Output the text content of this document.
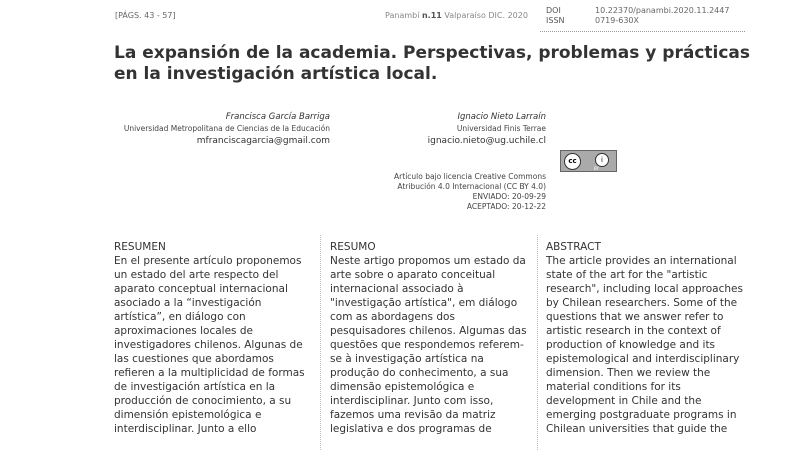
[PÁGS. 43 - 57]	Panambí n.11 Valparaíso DIC. 2020
DOI	10.22370/panambi.2020.11.2447
ISSN	0719-630X
La expansión de la academia. Perspectivas, problemas y prácticas en la investigación artística local.
Francisca García Barriga
Universidad Metropolitana de Ciencias de la Educación
mfranciscagarcia@gmail.com
Ignacio Nieto Larraín
Universidad Finis Terrae
ignacio.nieto@ug.uchile.cl
cc	i
BY
Artículo bajo licencia Creative Commons
Atribución 4.0 Internacional (CC BY 4.0)
ENVIADO: 20-09-29
ACEPTADO: 20-12-22
RESUMEN
En el presente artículo proponemos un estado del arte respecto del aparato conceptual internacional asociado a la “investigación artística”, en diálogo con aproximaciones locales de investigadores chilenos. Algunas de las cuestiones que abordamos refieren a la multiplicidad de formas de investigación artística en la producción de conocimiento, a su dimensión epistemológica e interdisciplinar. Junto a ello
RESUMO
Neste artigo propomos um estado da arte sobre o aparato conceitual internacional associado à "investigação artística", em diálogo com as abordagens dos pesquisadores chilenos. Algumas das questões que respondemos referem-se à investigação artística na produção do conhecimento, a sua dimensão epistemológica e interdisciplinar. Junto com isso, fazemos uma revisão da matriz legislativa e dos programas de
ABSTRACT
The article provides an international state of the art for the "artistic research", including local approaches by Chilean researchers. Some of the questions that we answer refer to artistic research in the context of production of knowledge and its epistemological and interdisciplinary dimension. Then we review the material conditions for its development in Chile and the emerging postgraduate programs in Chilean universities that guide the
